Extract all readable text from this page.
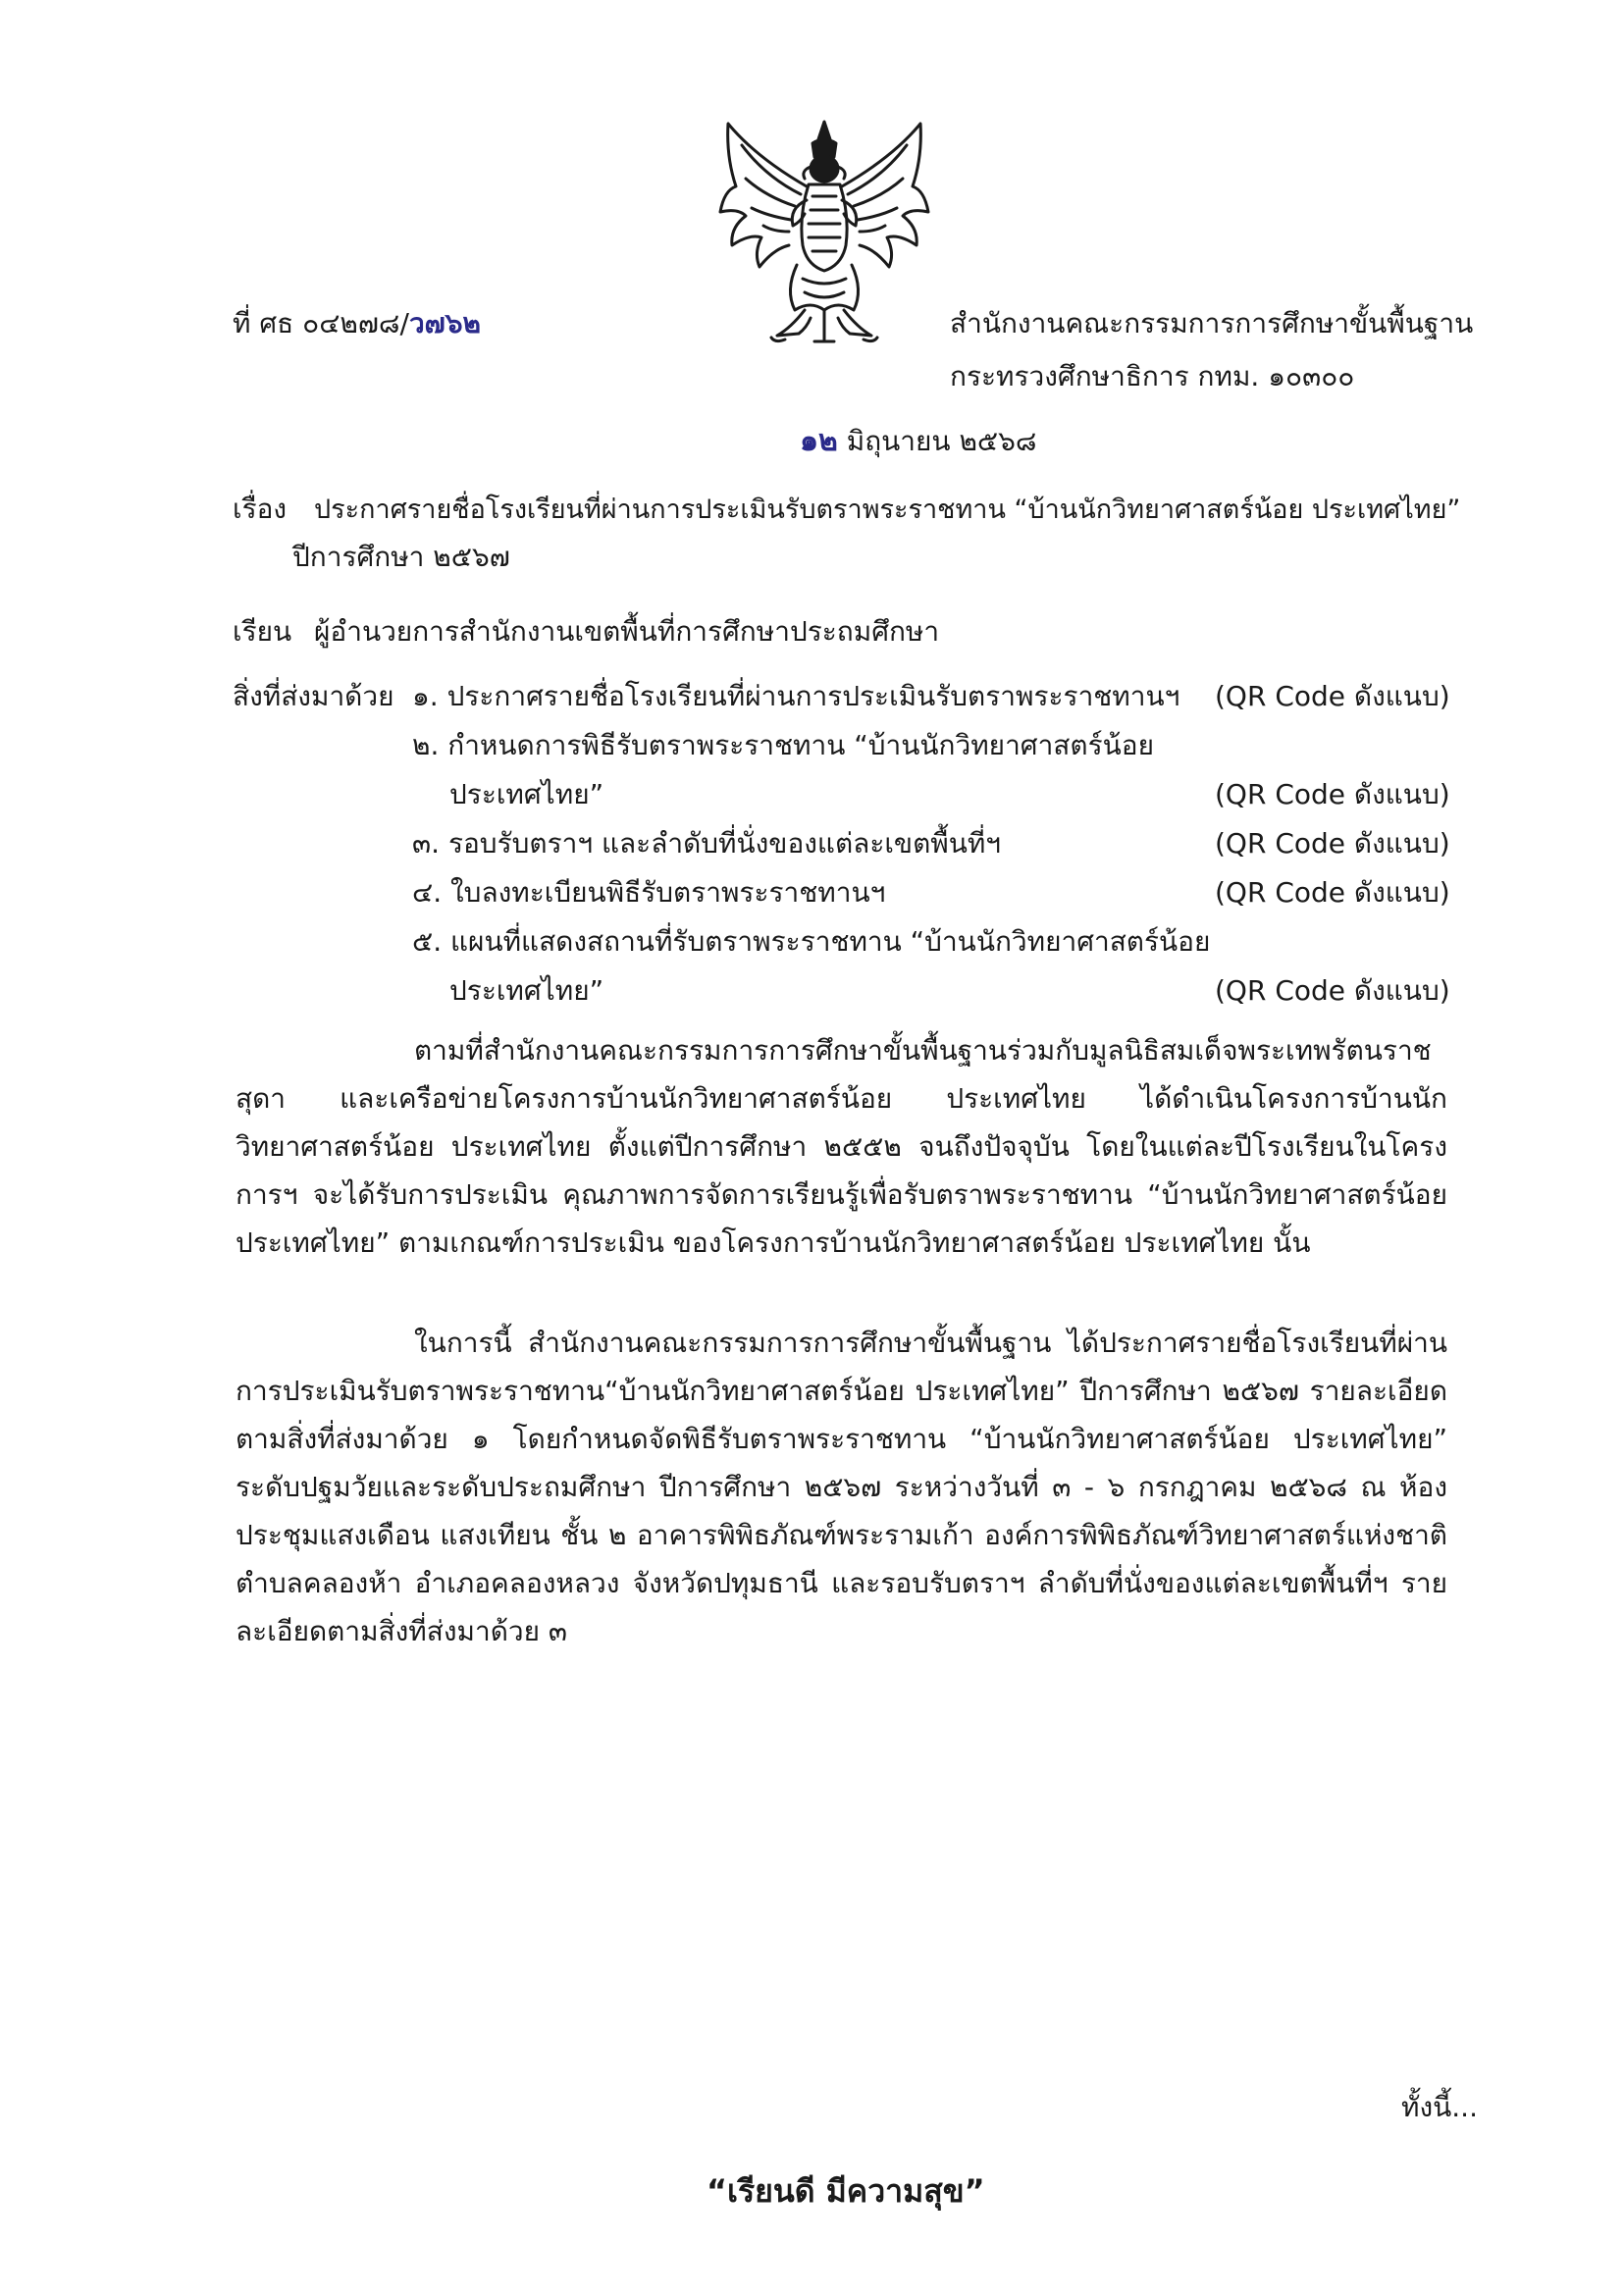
ที่ ศธ ๐๔๒๗๘/ว๗๖๒	สำนักงานคณะกรรมการการศึกษาขั้นพื้นฐาน
กระทรวงศึกษาธิการ กทม. ๑๐๓๐๐
๑๒ มิถุนายน ๒๕๖๘
เรื่อง ประกาศรายชื่อโรงเรียนที่ผ่านการประเมินรับตราพระราชทาน “บ้านนักวิทยาศาสตร์น้อย ประเทศไทย”
ปีการศึกษา ๒๕๖๗
เรียน ผู้อำนวยการสำนักงานเขตพื้นที่การศึกษาประถมศึกษา
สิ่งที่ส่งมาด้วย ๑. ประกาศรายชื่อโรงเรียนที่ผ่านการประเมินรับตราพระราชทานฯ (QR Code ดังแนบ)
๒. กำหนดการพิธีรับตราพระราชทาน “บ้านนักวิทยาศาสตร์น้อย
ประเทศไทย”	(QR Code ดังแนบ)
๓. รอบรับตราฯ และลำดับที่นั่งของแต่ละเขตพื้นที่ฯ	(QR Code ดังแนบ)
๔. ใบลงทะเบียนพิธีรับตราพระราชทานฯ	(QR Code ดังแนบ)
๕. แผนที่แสดงสถานที่รับตราพระราชทาน “บ้านนักวิทยาศาสตร์น้อย
ประเทศไทย”	(QR Code ดังแนบ)

ตามที่สำนักงานคณะกรรมการการศึกษาขั้นพื้นฐานร่วมกับมูลนิธิสมเด็จพระเทพรัตนราชสุดา และเครือข่ายโครงการบ้านนักวิทยาศาสตร์น้อย ประเทศไทย ได้ดำเนินโครงการบ้านนักวิทยาศาสตร์น้อย ประเทศไทย ตั้งแต่ปีการศึกษา ๒๕๕๒ จนถึงปัจจุบัน โดยในแต่ละปีโรงเรียนในโครงการฯ จะได้รับการประเมิน คุณภาพการจัดการเรียนรู้เพื่อรับตราพระราชทาน “บ้านนักวิทยาศาสตร์น้อย ประเทศไทย” ตามเกณฑ์การประเมิน ของโครงการบ้านนักวิทยาศาสตร์น้อย ประเทศไทย นั้น

ในการนี้ สำนักงานคณะกรรมการการศึกษาขั้นพื้นฐาน ได้ประกาศรายชื่อโรงเรียนที่ผ่าน การประเมินรับตราพระราชทาน“บ้านนักวิทยาศาสตร์น้อย ประเทศไทย” ปีการศึกษา ๒๕๖๗ รายละเอียดตามสิ่งที่ส่งมาด้วย ๑ โดยกำหนดจัดพิธีรับตราพระราชทาน “บ้านนักวิทยาศาสตร์น้อย ประเทศไทย” ระดับปฐมวัยและระดับประถมศึกษา ปีการศึกษา ๒๕๖๗ ระหว่างวันที่ ๓ - ๖ กรกฎาคม ๒๕๖๘ ณ ห้องประชุมแสงเดือน แสงเทียน ชั้น ๒ อาคารพิพิธภัณฑ์พระรามเก้า องค์การพิพิธภัณฑ์วิทยาศาสตร์แห่งชาติ ตำบลคลองห้า อำเภอคลองหลวง จังหวัดปทุมธานี และรอบรับตราฯ ลำดับที่นั่งของแต่ละเขตพื้นที่ฯ รายละเอียดตามสิ่งที่ส่งมาด้วย ๓

ทั้งนี้...
“เรียนดี มีความสุข”
